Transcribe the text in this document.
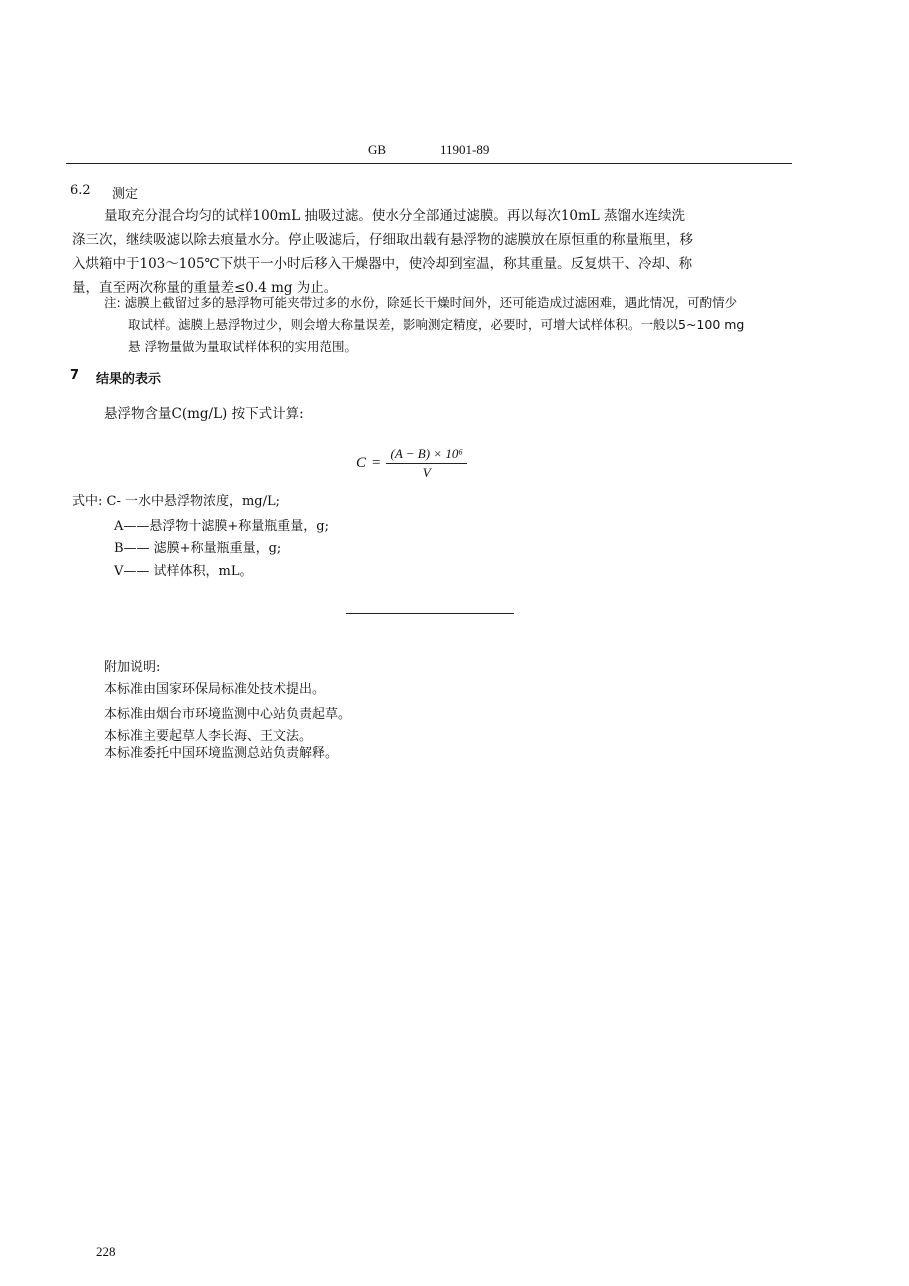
GB	11901-89
6.2 测定
量取充分混合均匀的试样100mL 抽吸过滤。使水分全部通过滤膜。再以每次10mL 蒸馏水连续洗
涤三次，继续吸滤以除去痕量水分。停止吸滤后，仔细取出载有悬浮物的滤膜放在原恒重的称量瓶里，移
入烘箱中于103～105℃下烘干一小时后移入干燥器中，使冷却到室温，称其重量。反复烘干、冷却、称
量，直至两次称量的重量差≤0.4 mg 为止。
注: 滤膜上截留过多的悬浮物可能夹带过多的水份，除延长干燥时间外，还可能造成过滤困难，遇此情况，可酌情少
取试样。滤膜上悬浮物过少，则会增大称量误差，影响测定精度，必要时，可增大试样体积。一般以5~100 mg
悬 浮物量做为量取试样体积的实用范围。
7 结果的表示
悬浮物含量C(mg/L) 按下式计算:
$C = \frac{\text{(A − B) × 10⁶}}{V}$
式中: C- 一水中悬浮物浓度，mg/L;
A——悬浮物十滤膜+称量瓶重量，g;
B—— 滤膜+称量瓶重量，g;
V—— 试样体积，mL。
附加说明:
本标准由国家环保局标准处技术提出。
本标准由烟台市环境监测中心站负责起草。
本标准主要起草人李长海、王文法。
本标准委托中国环境监测总站负责解释。
228
